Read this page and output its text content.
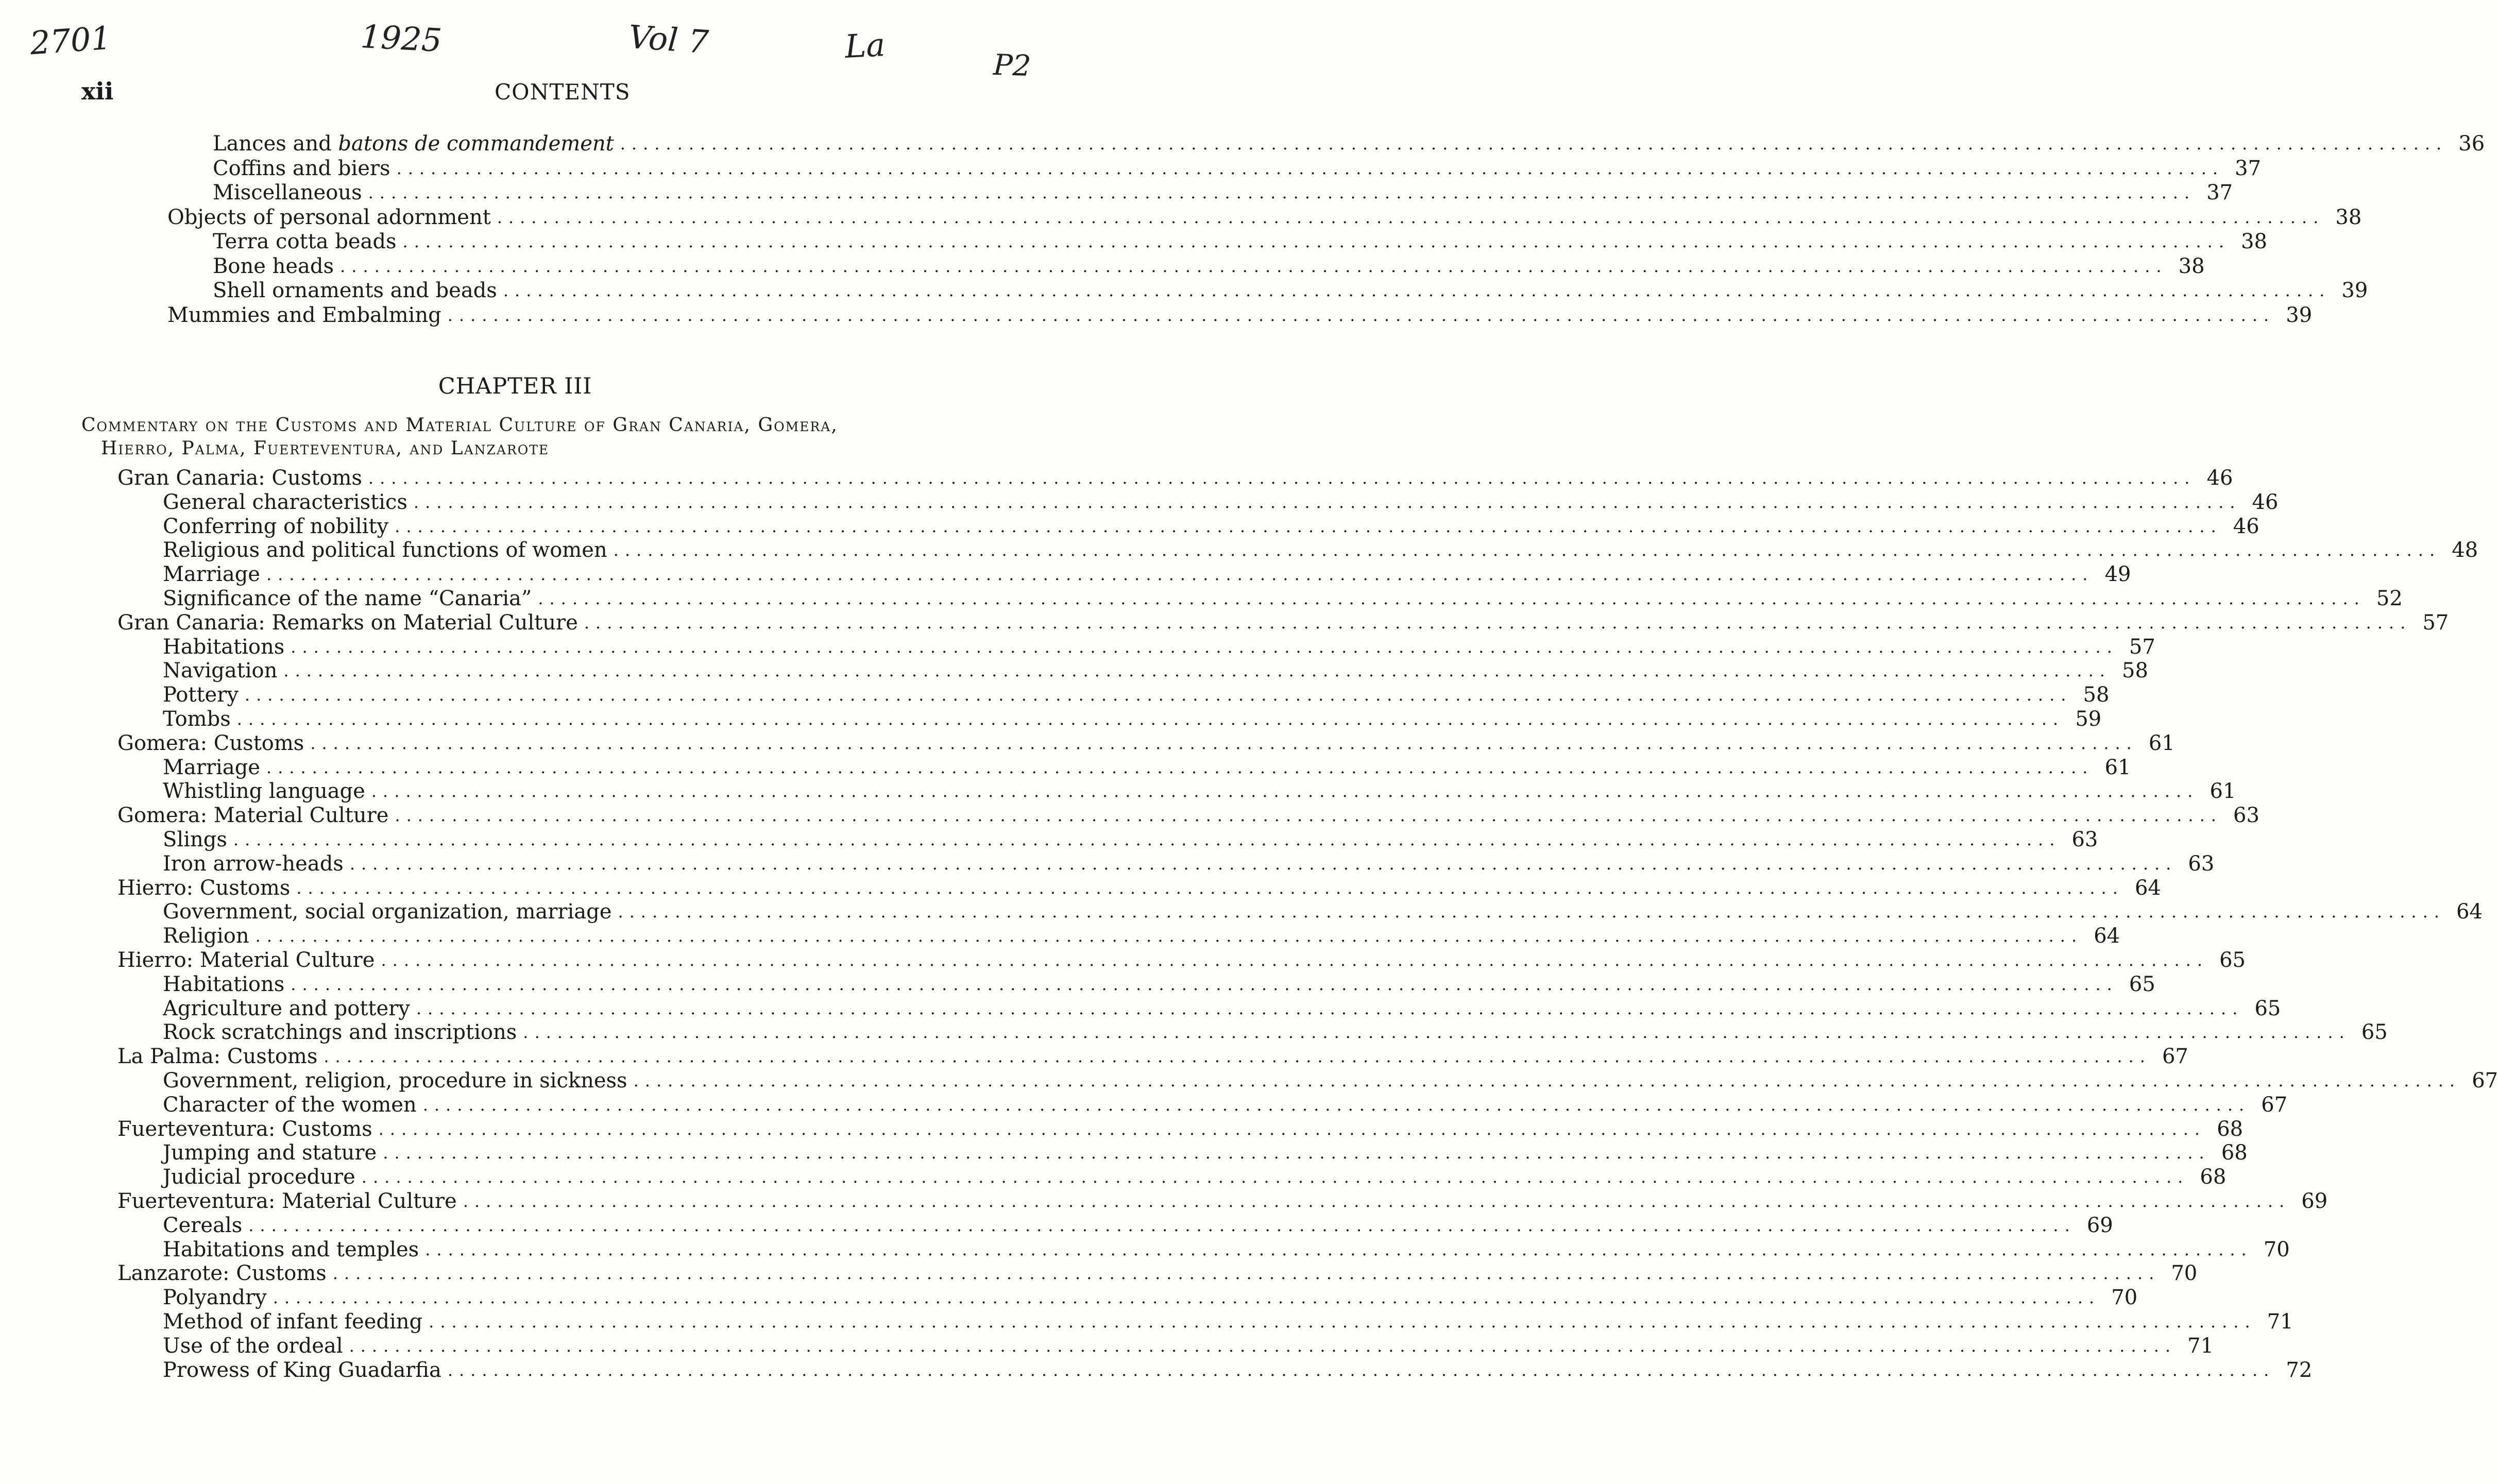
2701	1925	Vol 7	La
P2
xii	CONTENTS
Lances and batons de commandement ................................................................................................................................................................ 36
Coffins and biers ................................................................................................................................................................ 37
Miscellaneous ................................................................................................................................................................ 37
Objects of personal adornment ................................................................................................................................................................ 38
Terra cotta beads ................................................................................................................................................................ 38
Bone heads ................................................................................................................................................................ 38
Shell ornaments and beads ................................................................................................................................................................ 39
Mummies and Embalming ................................................................................................................................................................ 39
CHAPTER III
Commentary on the Customs and Material Culture of Gran Canaria, Gomera,
Hierro, Palma, Fuerteventura, and Lanzarote
Gran Canaria: Customs ................................................................................................................................................................ 46
General characteristics ................................................................................................................................................................ 46
Conferring of nobility ................................................................................................................................................................ 46
Religious and political functions of women ................................................................................................................................................................ 48
Marriage ................................................................................................................................................................ 49
Significance of the name “Canaria” ................................................................................................................................................................ 52
Gran Canaria: Remarks on Material Culture ................................................................................................................................................................ 57
Habitations ................................................................................................................................................................ 57
Navigation ................................................................................................................................................................ 58
Pottery ................................................................................................................................................................ 58
Tombs ................................................................................................................................................................ 59
Gomera: Customs ................................................................................................................................................................ 61
Marriage ................................................................................................................................................................ 61
Whistling language ................................................................................................................................................................ 61
Gomera: Material Culture ................................................................................................................................................................ 63
Slings ................................................................................................................................................................ 63
Iron arrow-heads ................................................................................................................................................................ 63
Hierro: Customs ................................................................................................................................................................ 64
Government, social organization, marriage ................................................................................................................................................................ 64
Religion ................................................................................................................................................................ 64
Hierro: Material Culture ................................................................................................................................................................ 65
Habitations ................................................................................................................................................................ 65
Agriculture and pottery ................................................................................................................................................................ 65
Rock scratchings and inscriptions ................................................................................................................................................................ 65
La Palma: Customs ................................................................................................................................................................ 67
Government, religion, procedure in sickness ................................................................................................................................................................ 67
Character of the women ................................................................................................................................................................ 67
Fuerteventura: Customs ................................................................................................................................................................ 68
Jumping and stature ................................................................................................................................................................ 68
Judicial procedure ................................................................................................................................................................ 68
Fuerteventura: Material Culture ................................................................................................................................................................ 69
Cereals ................................................................................................................................................................ 69
Habitations and temples ................................................................................................................................................................ 70
Lanzarote: Customs ................................................................................................................................................................ 70
Polyandry ................................................................................................................................................................ 70
Method of infant feeding ................................................................................................................................................................ 71
Use of the ordeal ................................................................................................................................................................ 71
Prowess of King Guadarfia ................................................................................................................................................................ 72
